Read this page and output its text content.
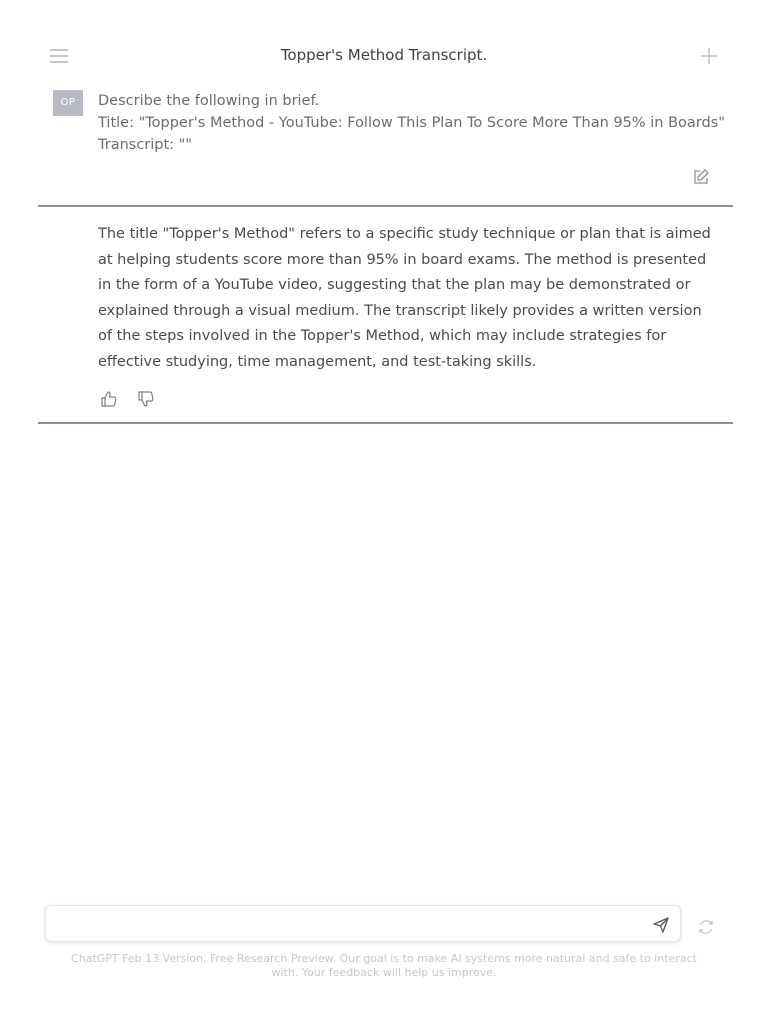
Topper's Method Transcript.
OP	Describe the following in brief.
Title: "Topper's Method - YouTube: Follow This Plan To Score More Than 95% in Boards"
Transcript: ""
The title "Topper's Method" refers to a specific study technique or plan that is aimed at helping students score more than 95% in board exams. The method is presented in the form of a YouTube video, suggesting that the plan may be demonstrated or explained through a visual medium. The transcript likely provides a written version of the steps involved in the Topper's Method, which may include strategies for effective studying, time management, and test-taking skills.

ChatGPT Feb 13 Version. Free Research Preview. Our goal is to make AI systems more natural and safe to interact with. Your feedback will help us improve.
